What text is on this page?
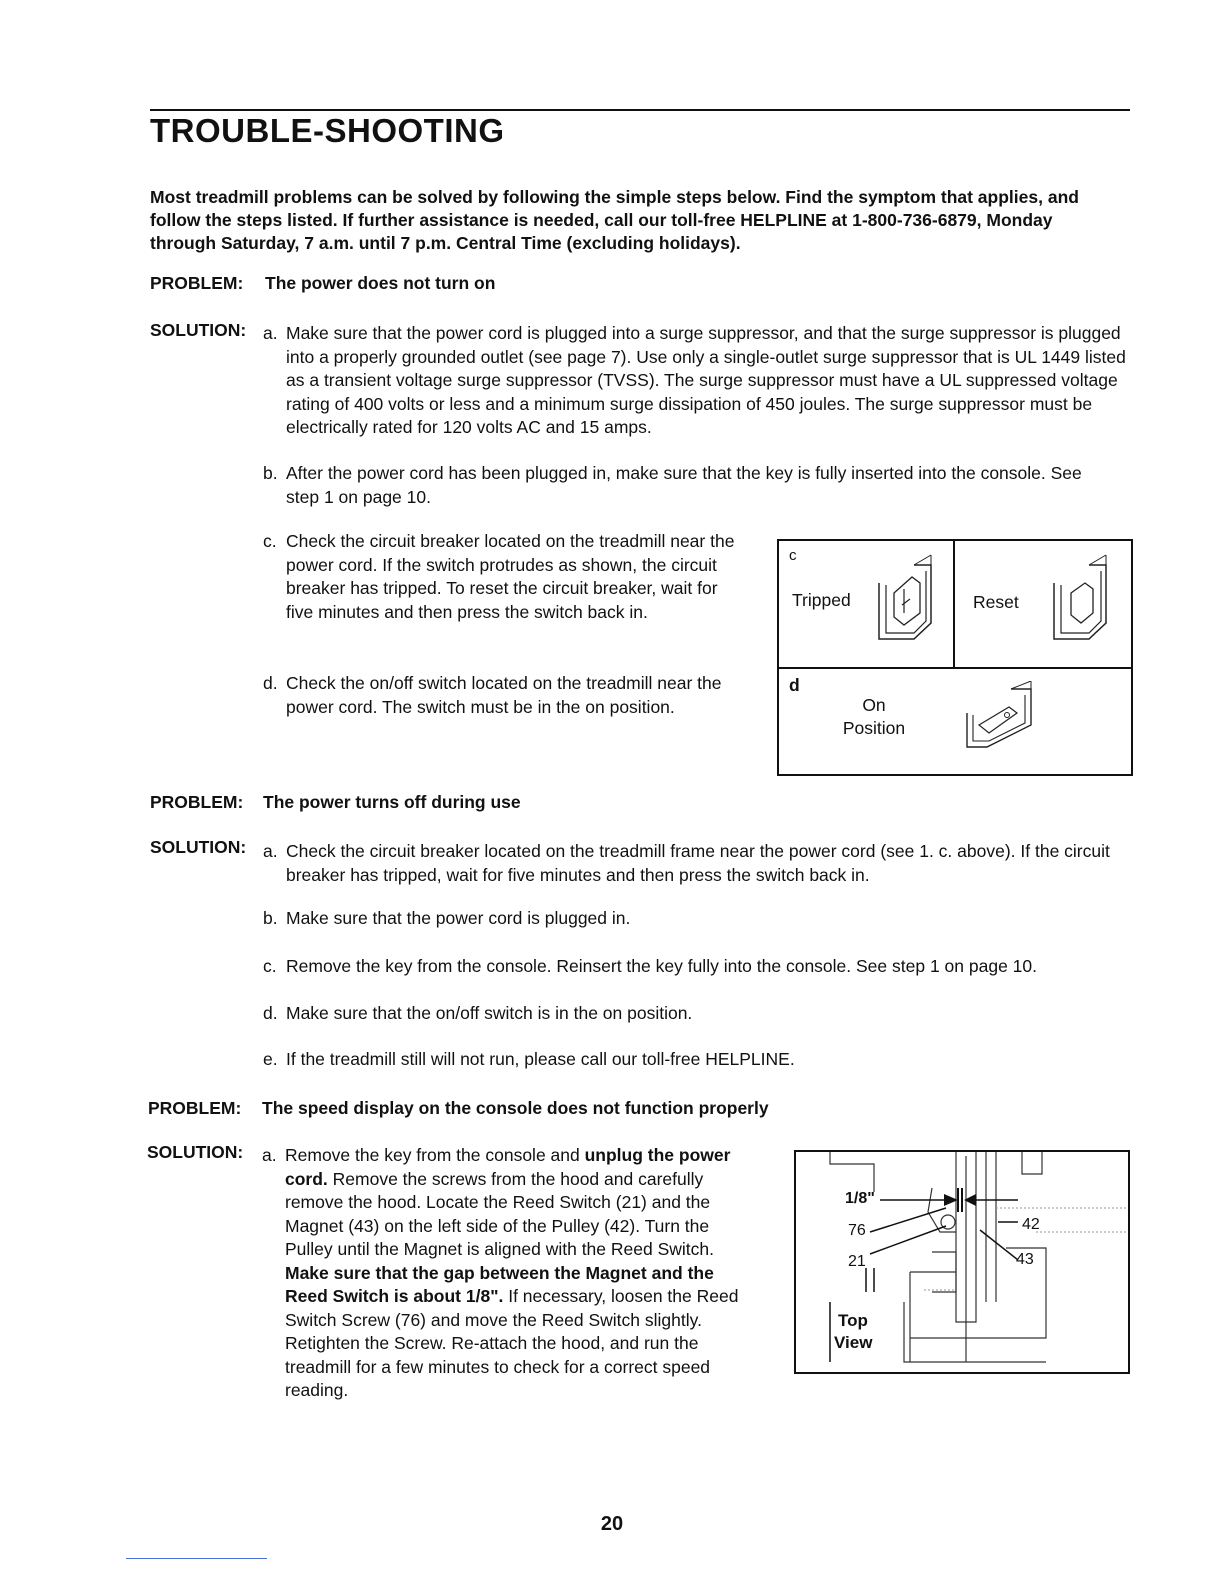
TROUBLE-SHOOTING
Most treadmill problems can be solved by following the simple steps below. Find the symptom that applies, and follow the steps listed. If further assistance is needed, call our toll-free HELPLINE at 1-800-736-6879, Monday through Saturday, 7 a.m. until 7 p.m. Central Time (excluding holidays).
PROBLEM: The power does not turn on
SOLUTION: a. Make sure that the power cord is plugged into a surge suppressor, and that the surge suppressor is plugged into a properly grounded outlet (see page 7). Use only a single-outlet surge suppressor that is UL 1449 listed as a transient voltage surge suppressor (TVSS). The surge suppressor must have a UL suppressed voltage rating of 400 volts or less and a minimum surge dissipation of 450 joules. The surge suppressor must be electrically rated for 120 volts AC and 15 amps.
b. After the power cord has been plugged in, make sure that the key is fully inserted into the console. See step 1 on page 10.
c. Check the circuit breaker located on the treadmill near the power cord. If the switch protrudes as shown, the circuit breaker has tripped. To reset the circuit breaker, wait for five minutes and then press the switch back in.
d. Check the on/off switch located on the treadmill near the power cord. The switch must be in the on position.
c
Tripped	Reset
d
On
Position
PROBLEM: The power turns off during use
SOLUTION: a. Check the circuit breaker located on the treadmill frame near the power cord (see 1. c. above). If the circuit breaker has tripped, wait for five minutes and then press the switch back in.
b. Make sure that the power cord is plugged in.
c. Remove the key from the console. Reinsert the key fully into the console. See step 1 on page 10.
d. Make sure that the on/off switch is in the on position.
e. If the treadmill still will not run, please call our toll-free HELPLINE.
PROBLEM: The speed display on the console does not function properly
SOLUTION: a. Remove the key from the console and unplug the power cord. Remove the screws from the hood and carefully remove the hood. Locate the Reed Switch (21) and the Magnet (43) on the left side of the Pulley (42). Turn the Pulley until the Magnet is aligned with the Reed Switch. Make sure that the gap between the Magnet and the Reed Switch is about 1/8". If necessary, loosen the Reed Switch Screw (76) and move the Reed Switch slightly. Retighten the Screw. Re-attach the hood, and run the treadmill for a few minutes to check for a correct speed reading.
1/8"
76
21
42
43
Top
View
20
